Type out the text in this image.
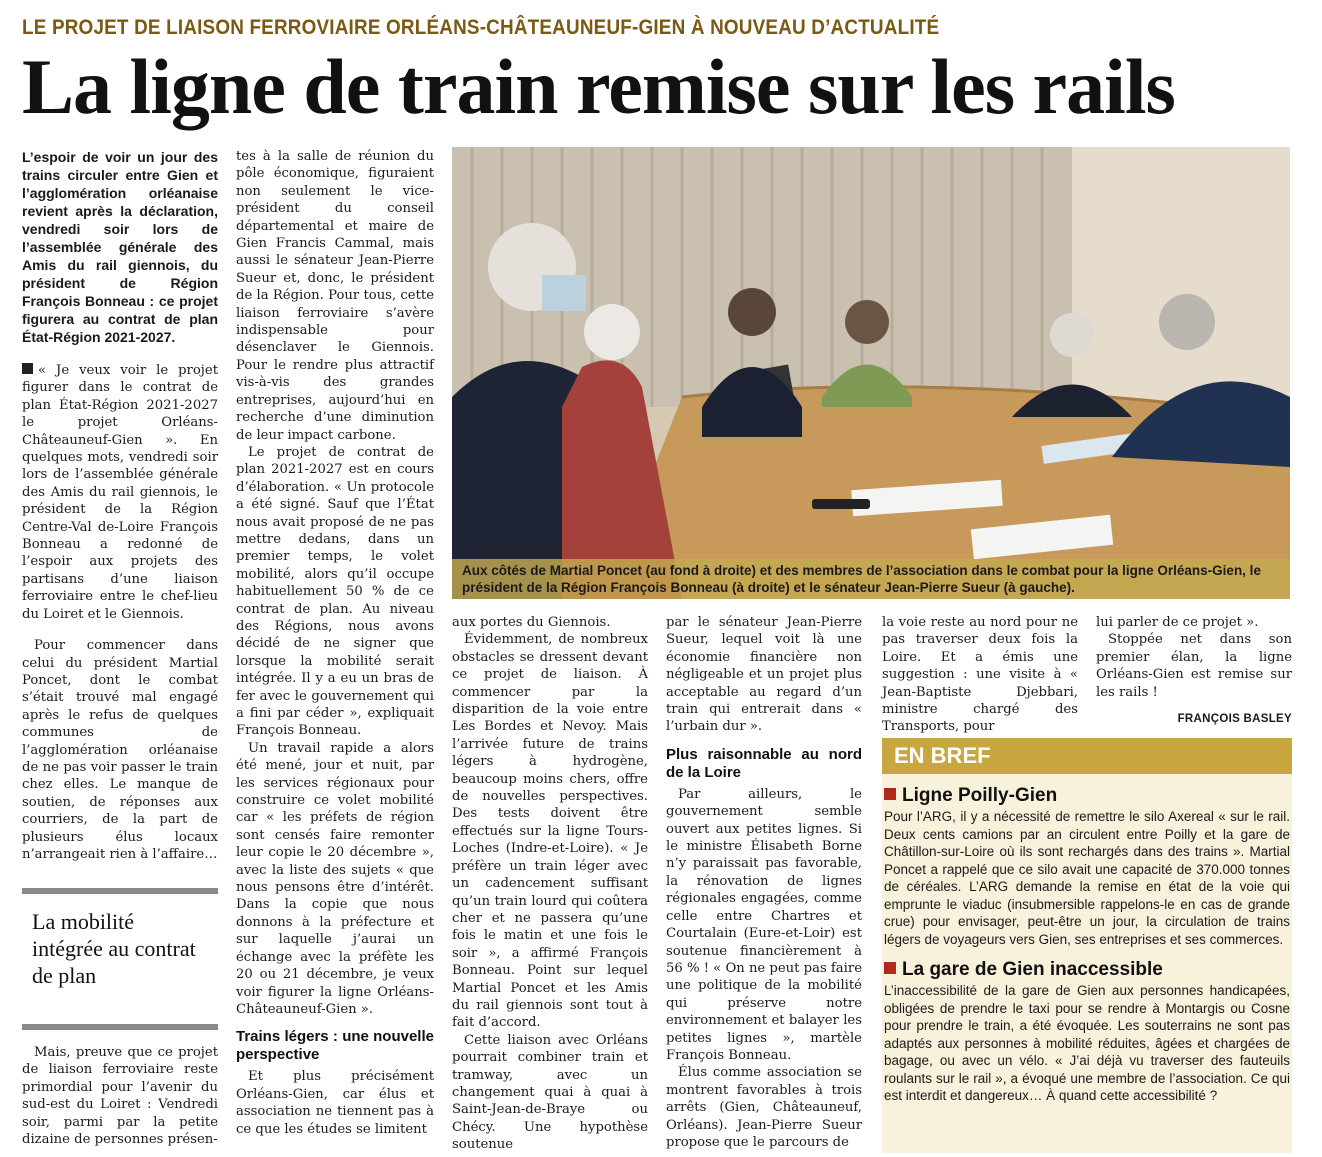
LE PROJET DE LIAISON FERROVIAIRE ORLÉANS-CHÂTEAUNEUF-GIEN À NOUVEAU D’ACTUALITÉ
La ligne de train remise sur les rails

L’espoir de voir un jour des trains circuler entre Gien et l’agglomération orléanaise revient après la déclaration, vendredi soir lors de l’assemblée générale des Amis du rail giennois, du président de Région François Bonneau : ce projet figurera au contrat de plan État-Région 2021-2027.

« Je veux voir le projet figurer dans le contrat de plan État-Région 2021-2027 le projet Orléans-Châteauneuf-Gien ». En quelques mots, vendredi soir lors de l’assemblée générale des Amis du rail giennois, le président de la Région Centre-Val de-Loire François Bonneau a redonné de l’espoir aux projets des partisans d’une liaison ferroviaire entre le chef-lieu du Loiret et le Giennois.

Pour commencer dans celui du président Martial Poncet, dont le combat s’était trouvé mal engagé après le refus de quelques communes de l’agglomération orléanaise de ne pas voir passer le train chez elles. Le manque de soutien, de réponses aux courriers, de la part de plusieurs élus locaux n’arrangeait rien à l’affaire…

La mobilité intégrée au contrat de plan

Mais, preuve que ce projet de liaison ferroviaire reste primordial pour l’avenir du sud-est du Loiret : Vendredi soir, parmi par la petite dizaine de personnes présen-

tes à la salle de réunion du pôle économique, figuraient non seulement le vice-président du conseil départemental et maire de Gien Francis Cammal, mais aussi le sénateur Jean-Pierre Sueur et, donc, le président de la Région. Pour tous, cette liaison ferroviaire s’avère indispensable pour désenclaver le Giennois. Pour le rendre plus attractif vis-à-vis des grandes entreprises, aujourd’hui en recherche d’une diminution de leur impact carbone.

Le projet de contrat de plan 2021-2027 est en cours d’élaboration. « Un protocole a été signé. Sauf que l’État nous avait proposé de ne pas mettre dedans, dans un premier temps, le volet mobilité, alors qu’il occupe habituellement 50 % de ce contrat de plan. Au niveau des Régions, nous avons décidé de ne signer que lorsque la mobilité serait intégrée. Il y a eu un bras de fer avec le gouvernement qui a fini par céder », expliquait François Bonneau.

Un travail rapide a alors été mené, jour et nuit, par les services régionaux pour construire ce volet mobilité car « les préfets de région sont censés faire remonter leur copie le 20 décembre », avec la liste des sujets « que nous pensons être d’intérêt. Dans la copie que nous donnons à la préfecture et sur laquelle j’aurai un échange avec la préfète les 20 ou 21 décembre, je veux voir figurer la ligne Orléans-Châteauneuf-Gien ».

Trains légers : une nouvelle perspective

Et plus précisément Orléans-Gien, car élus et association ne tiennent pas à ce que les études se limitent

Aux côtés de Martial Poncet (au fond à droite) et des membres de l’association dans le combat pour la ligne Orléans-Gien, le président de la Région François Bonneau (à droite) et le sénateur Jean-Pierre Sueur (à gauche).

aux portes du Giennois.

Évidemment, de nombreux obstacles se dressent devant ce projet de liaison. À commencer par la disparition de la voie entre Les Bordes et Nevoy. Mais l’arrivée future de trains légers à hydrogène, beaucoup moins chers, offre de nouvelles perspectives. Des tests doivent être effectués sur la ligne Tours-Loches (Indre-et-Loire). « Je préfère un train léger avec un cadencement suffisant qu’un train lourd qui coûtera cher et ne passera qu’une fois le matin et une fois le soir », a affirmé François Bonneau. Point sur lequel Martial Poncet et les Amis du rail giennois sont tout à fait d’accord.

Cette liaison avec Orléans pourrait combiner train et tramway, avec un changement quai à quai à Saint-Jean-de-Braye ou Chécy. Une hypothèse soutenue

par le sénateur Jean-Pierre Sueur, lequel voit là une économie financière non négligeable et un projet plus acceptable au regard d’un train qui entrerait dans « l’urbain dur ».

Plus raisonnable au nord de la Loire

Par ailleurs, le gouvernement semble ouvert aux petites lignes. Si le ministre Élisabeth Borne n’y paraissait pas favorable, la rénovation de lignes régionales engagées, comme celle entre Chartres et Courtalain (Eure-et-Loir) est soutenue financièrement à 56 % ! « On ne peut pas faire une politique de la mobilité qui préserve notre environnement et balayer les petites lignes », martèle François Bonneau.

Élus comme association se montrent favorables à trois arrêts (Gien, Châteauneuf, Orléans). Jean-Pierre Sueur propose que le parcours de

la voie reste au nord pour ne pas traverser deux fois la Loire. Et a émis une suggestion : une visite à « Jean-Baptiste Djebbari, ministre chargé des Transports, pour

lui parler de ce projet ».

Stoppée net dans son premier élan, la ligne Orléans-Gien est remise sur les rails !

FRANÇOIS BASLEY
EN BREF
Ligne Poilly-Gien
Pour l’ARG, il y a nécessité de remettre le silo Axereal « sur le rail. Deux cents camions par an circulent entre Poilly et la gare de Châtillon-sur-Loire où ils sont rechargés dans des trains ». Martial Poncet a rappelé que ce silo avait une capacité de 370.000 tonnes de céréales. L’ARG demande la remise en état de la voie qui emprunte le viaduc (insubmersible rappelons-le en cas de grande crue) pour envisager, peut-être un jour, la circulation de trains légers de voyageurs vers Gien, ses entreprises et ses commerces.
La gare de Gien inaccessible
L’inaccessibilité de la gare de Gien aux personnes handicapées, obligées de prendre le taxi pour se rendre à Montargis ou Cosne pour prendre le train, a été évoquée. Les souterrains ne sont pas adaptés aux personnes à mobilité réduites, âgées et chargées de bagage, ou avec un vélo. « J’ai déjà vu traverser des fauteuils roulants sur le rail », a évoqué une membre de l’association. Ce qui est interdit et dangereux… À quand cette accessibilité ?
